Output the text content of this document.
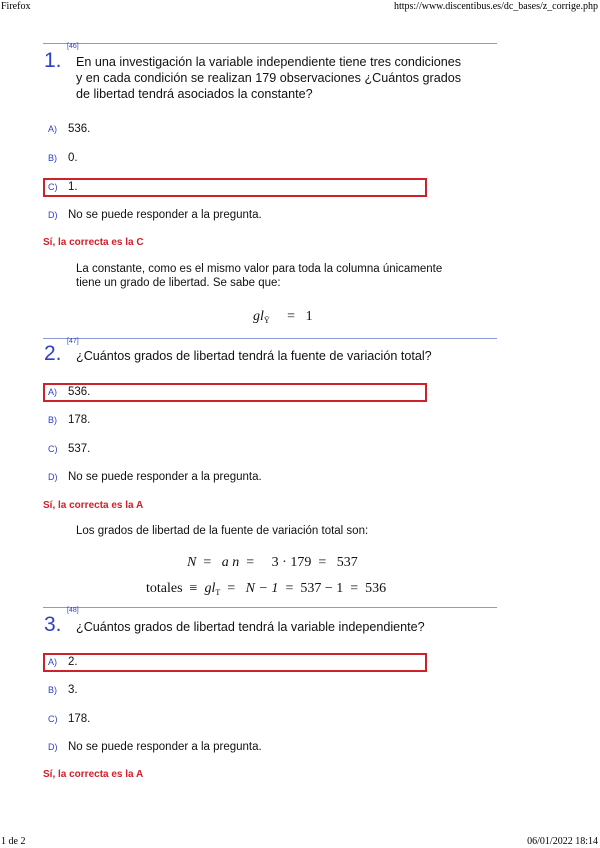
Firefox	https://www.discentibus.es/dc_bases/z_corrige.php
1 de 2	06/01/2022 18:14
[46]
1. En una investigación la variable independiente tiene tres condiciones
y en cada condición se realizan 179 observaciones ¿Cuántos grados
de libertad tendrá asociados la constante?
A) 536.
B) 0.
C) 1.
D) No se puede responder a la pregunta.
Sí, la correcta es la C
La constante, como es el mismo valor para toda la columna únicamente
tiene un grado de libertad. Se sabe que:
$gl_Ȳ = 1$
[47]
2. ¿Cuántos grados de libertad tendrá la fuente de variación total?
A) 536.
B) 178.
C) 537.
D) No se puede responder a la pregunta.
Sí, la correcta es la A
Los grados de libertad de la fuente de variación total son:
N = a n = 3 · 179 = 537
totales ≡ $gl_T = N - 1 = 537 - 1 = 536$
[48]
3. ¿Cuántos grados de libertad tendrá la variable independiente?
A) 2.
B) 3.
C) 178.
D) No se puede responder a la pregunta.
Sí, la correcta es la A
